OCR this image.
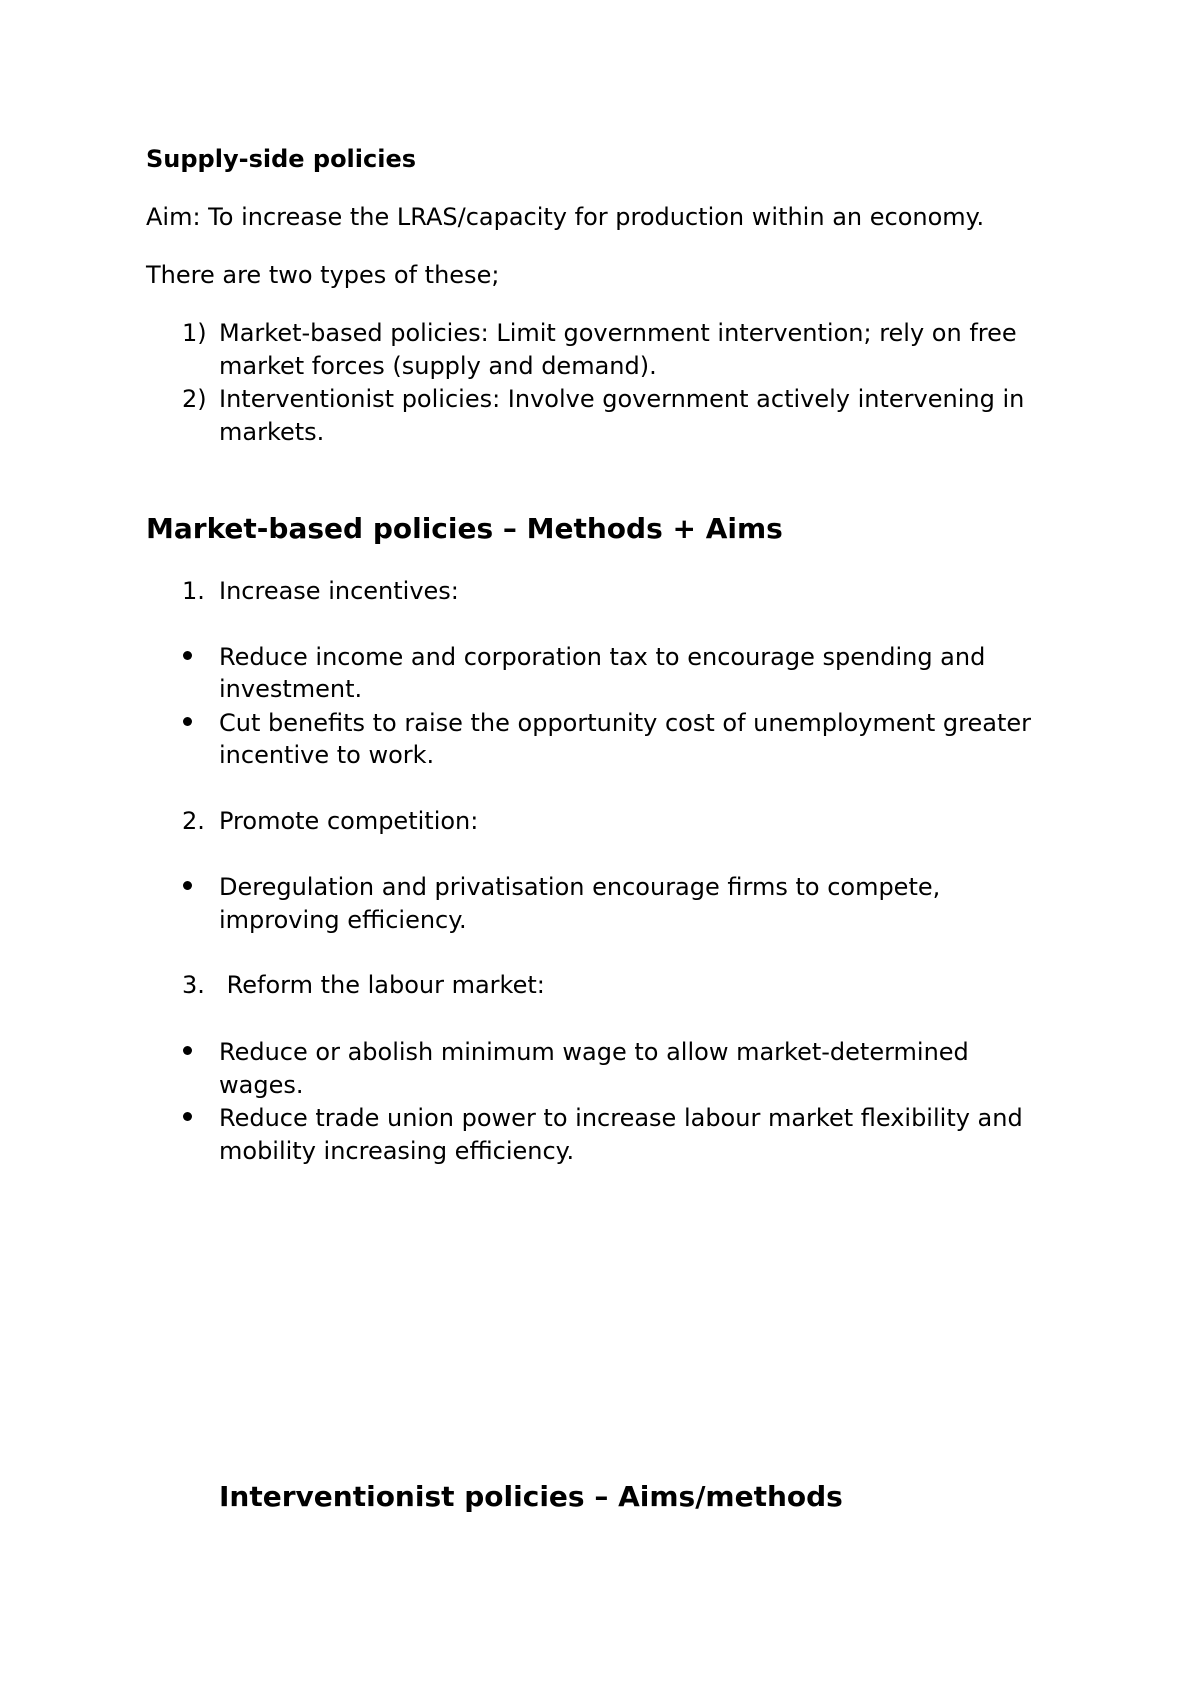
Supply-side policies
Aim: To increase the LRAS/capacity for production within an economy.
There are two types of these;
1) Market-based policies: Limit government intervention; rely on free
market forces (supply and demand).
2) Interventionist policies: Involve government actively intervening in
markets.
Market-based policies – Methods + Aims
1. Increase incentives:
Reduce income and corporation tax to encourage spending and
investment.
Cut benefits to raise the opportunity cost of unemployment greater
incentive to work.
2. Promote competition:
Deregulation and privatisation encourage firms to compete,
improving efficiency.
3. Reform the labour market:
Reduce or abolish minimum wage to allow market-determined
wages.
Reduce trade union power to increase labour market flexibility and
mobility increasing efficiency.
Interventionist policies – Aims/methods
